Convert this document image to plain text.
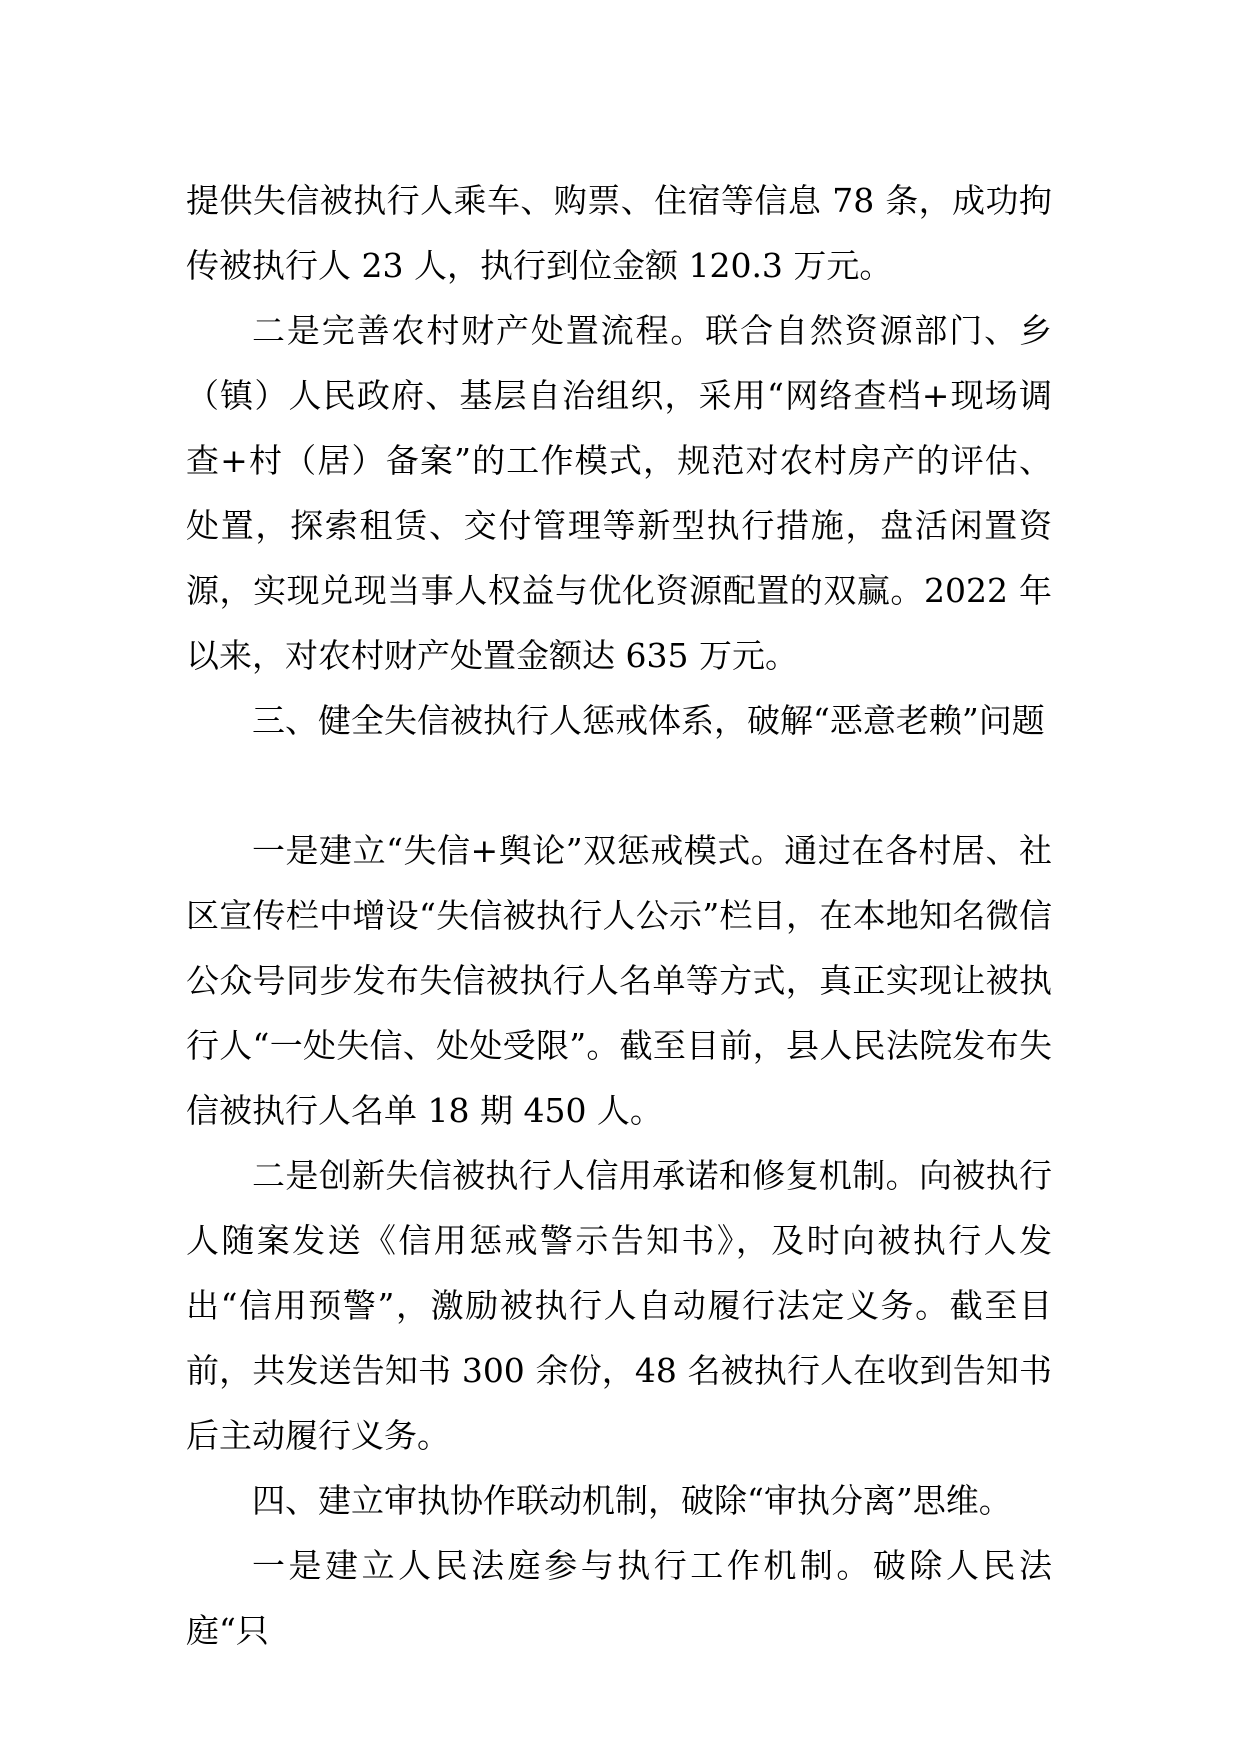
提供失信被执行人乘车、购票、住宿等信息 78 条，成功拘传被执行人 23 人，执行到位金额 120.3 万元。

二是完善农村财产处置流程。联合自然资源部门、乡（镇）人民政府、基层自治组织，采用“网络查档+现场调查+村（居）备案”的工作模式，规范对农村房产的评估、处置，探索租赁、交付管理等新型执行措施，盘活闲置资源，实现兑现当事人权益与优化资源配置的双赢。2022 年以来，对农村财产处置金额达 635 万元。

三、健全失信被执行人惩戒体系，破解“恶意老赖”问题

一是建立“失信+舆论”双惩戒模式。通过在各村居、社区宣传栏中增设“失信被执行人公示”栏目，在本地知名微信公众号同步发布失信被执行人名单等方式，真正实现让被执行人“一处失信、处处受限”。截至目前，县人民法院发布失信被执行人名单 18 期 450 人。

二是创新失信被执行人信用承诺和修复机制。向被执行人随案发送《信用惩戒警示告知书》，及时向被执行人发出“信用预警”，激励被执行人自动履行法定义务。截至目前，共发送告知书 300 余份，48 名被执行人在收到告知书后主动履行义务。

四、建立审执协作联动机制，破除“审执分离”思维。

一是建立人民法庭参与执行工作机制。破除人民法庭“只
